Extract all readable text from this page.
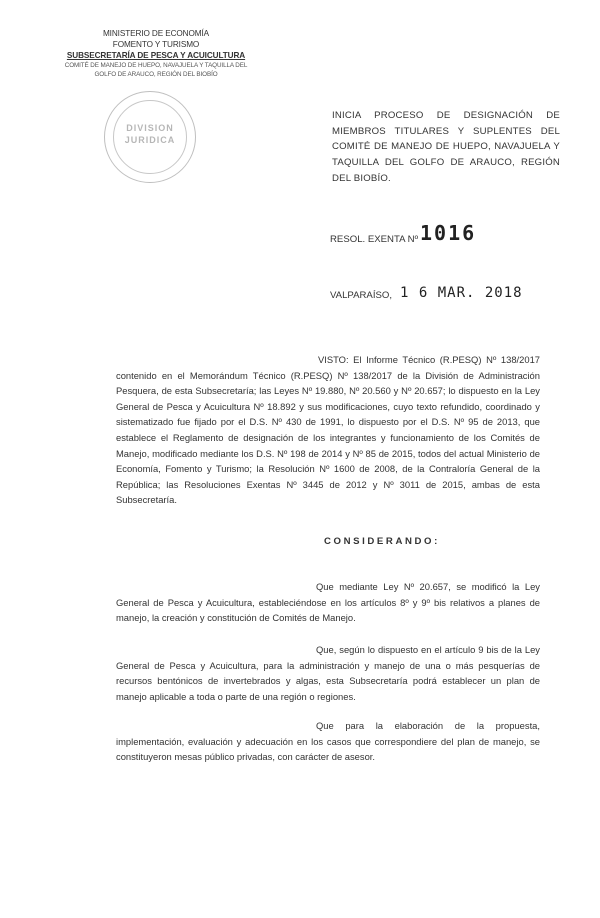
MINISTERIO DE ECONOMÍA
FOMENTO Y TURISMO
SUBSECRETARÍA DE PESCA Y ACUICULTURA
COMITÉ DE MANEJO DE HUEPO, NAVAJUELA Y TAQUILLA DEL
GOLFO DE ARAUCO, REGIÓN DEL BIOBÍO
DIVISION
JURIDICA
INICIA PROCESO DE DESIGNACIÓN DE MIEMBROS TITULARES Y SUPLENTES DEL COMITÉ DE MANEJO DE HUEPO, NAVAJUELA Y TAQUILLA DEL GOLFO DE ARAUCO, REGIÓN DEL BIOBÍO.
RESOL. EXENTA Nº 1016
VALPARAÍSO, 1 6 MAR. 2018
VISTO: El Informe Técnico (R.PESQ) Nº 138/2017 contenido en el Memorándum Técnico (R.PESQ) Nº 138/2017 de la División de Administración Pesquera, de esta Subsecretaría; las Leyes Nº 19.880, Nº 20.560 y Nº 20.657; lo dispuesto en la Ley General de Pesca y Acuicultura Nº 18.892 y sus modificaciones, cuyo texto refundido, coordinado y sistematizado fue fijado por el D.S. Nº 430 de 1991, lo dispuesto por el D.S. Nº 95 de 2013, que establece el Reglamento de designación de los integrantes y funcionamiento de los Comités de Manejo, modificado mediante los D.S. Nº 198 de 2014 y Nº 85 de 2015, todos del actual Ministerio de Economía, Fomento y Turismo; la Resolución Nº 1600 de 2008, de la Contraloría General de la República; las Resoluciones Exentas Nº 3445 de 2012 y Nº 3011 de 2015, ambas de esta Subsecretaría.
CONSIDERANDO:
Que mediante Ley Nº 20.657, se modificó la Ley General de Pesca y Acuicultura, estableciéndose en los artículos 8º y 9º bis relativos a planes de manejo, la creación y constitución de Comités de Manejo.
Que, según lo dispuesto en el artículo 9 bis de la Ley General de Pesca y Acuicultura, para la administración y manejo de una o más pesquerías de recursos bentónicos de invertebrados y algas, esta Subsecretaría podrá establecer un plan de manejo aplicable a toda o parte de una región o regiones.
Que para la elaboración de la propuesta, implementación, evaluación y adecuación en los casos que correspondiere del plan de manejo, se constituyeron mesas público privadas, con carácter de asesor.
